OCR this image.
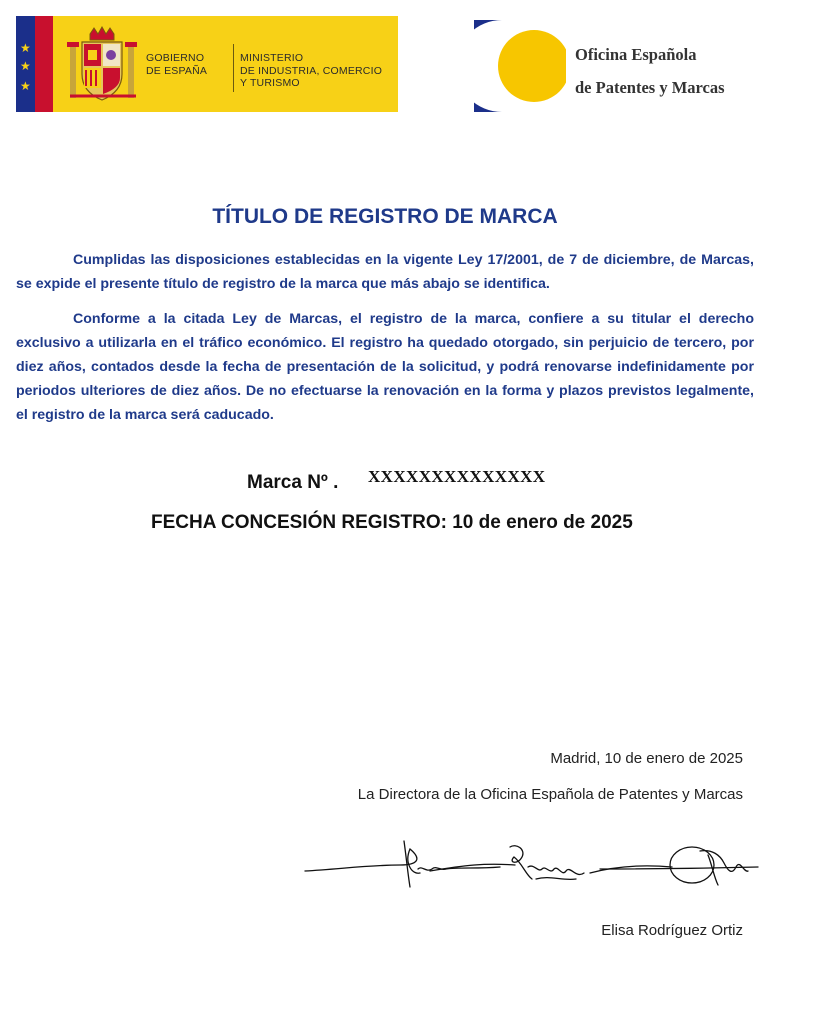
★
★
★
GOBIERNO
DE ESPAÑA
MINISTERIO
DE INDUSTRIA, COMERCIO
Y TURISMO
Oficina Española
de Patentes y Marcas
TÍTULO DE REGISTRO DE MARCA
Cumplidas las disposiciones establecidas en la vigente Ley 17/2001, de 7 de diciembre, de Marcas, se expide el presente título de registro de la marca que más abajo se identifica.
Conforme a la citada Ley de Marcas, el registro de la marca, confiere a su titular el derecho exclusivo a utilizarla en el tráfico económico. El registro ha quedado otorgado, sin perjuicio de tercero, por diez años, contados desde la fecha de presentación de la solicitud, y podrá renovarse indefinidamente por periodos ulteriores de diez años. De no efectuarse la renovación en la forma y plazos previstos legalmente, el registro de la marca será caducado.
Marca Nº . XXXXXXXXXXXXXX
FECHA CONCESIÓN REGISTRO: 10 de enero de 2025
Madrid, 10 de enero de 2025
La Directora de la Oficina Española de Patentes y Marcas
Elisa Rodríguez Ortiz
